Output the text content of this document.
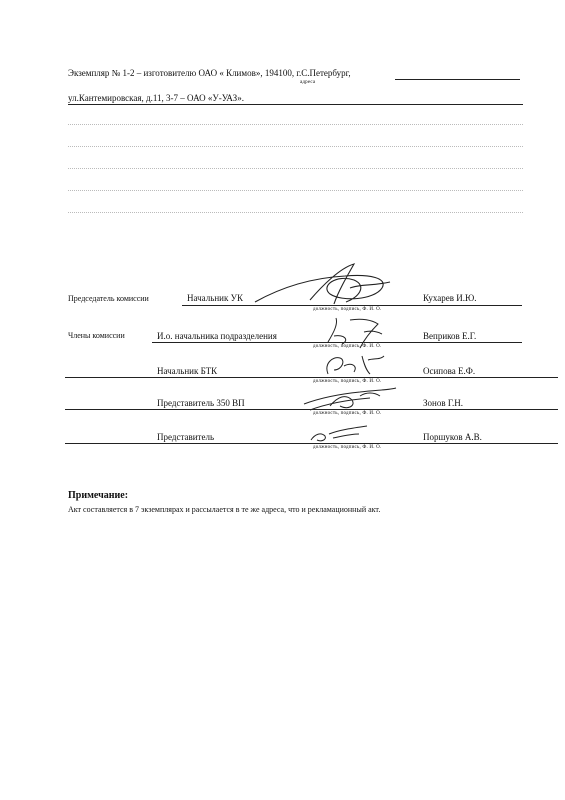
Экземпляр № 1-2 – изготовителю ОАО « Климов», 194100, г.С.Петербург,
адреса
ул.Кантемировская, д.11, 3-7 – ОАО «У-УАЗ».
Председатель комиссии	Начальник УК	Кухарев И.Ю.
должность, подпись, Ф. И. О.
Члены комиссии	И.о. начальника подразделения	Веприков Е.Г.
должность, подпись, Ф. И. О.
Начальник БТК	Осипова Е.Ф.
должность, подпись, Ф. И. О.
Представитель 350 ВП	Зонов Г.Н.
должность, подпись, Ф. И. О.
Представитель	Поршуков А.В.
должность, подпись, Ф. И. О.
Примечание:
Акт составляется в 7 экземплярах и рассылается в те же адреса, что и рекламационный акт.
